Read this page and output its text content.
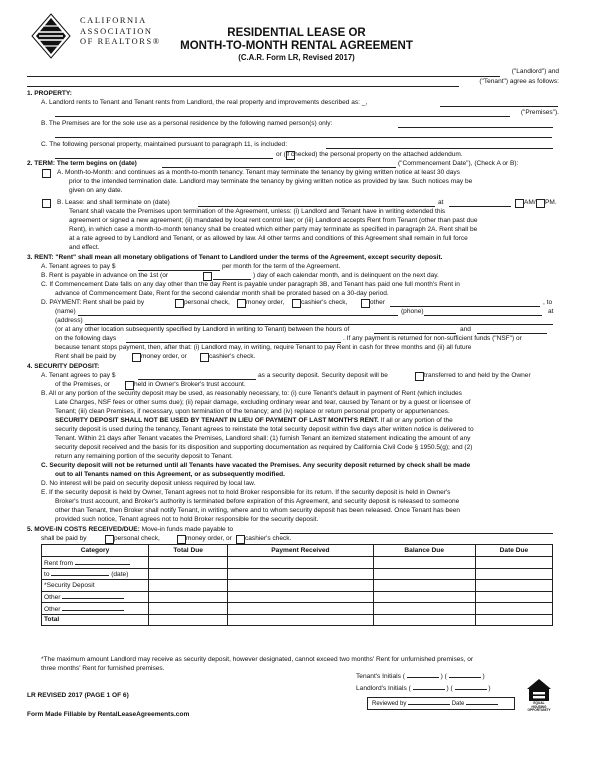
CALIFORNIA
ASSOCIATION
OF REALTORS®
RESIDENTIAL LEASE OR
MONTH-TO-MONTH RENTAL AGREEMENT
(C.A.R. Form LR, Revised 2017)
("Landlord") and
("Tenant") agree as follows:
1. PROPERTY:
A. Landlord rents to Tenant and Tenant rents from Landlord, the real property and improvements described as: _,
("Premises").
B. The Premises are for the sole use as a personal residence by the following named person(s) only:
C. The following personal property, maintained pursuant to paragraph 11, is included:
or (if checked) the personal property on the attached addendum.
2. TERM: The term begins on (date)	("Commencement Date"), (Check A or B):
A. Month-to-Month: and continues as a month-to-month tenancy. Tenant may terminate the tenancy by giving written notice at least 30 days
prior to the intended termination date. Landlord may terminate the tenancy by giving written notice as provided by law. Such notices may be
given on any date.
B. Lease: and shall terminate on (date)	at	AM/ PM.
Tenant shall vacate the Premises upon termination of the Agreement, unless: (i) Landlord and Tenant have in writing extended this
agreement or signed a new agreement; (ii) mandated by local rent control law; or (iii) Landlord accepts Rent from Tenant (other than past due
Rent), in which case a month-to-month tenancy shall be created which either party may terminate as specified in paragraph 2A. Rent shall be
at a rate agreed to by Landlord and Tenant, or as allowed by law. All other terms and conditions of this Agreement shall remain in full force
and effect.
3. RENT: "Rent" shall mean all monetary obligations of Tenant to Landlord under the terms of the Agreement, except security deposit.
A. Tenant agrees to pay $	per month for the term of the Agreement.
B. Rent is payable in advance on the 1st (or	) day of each calendar month, and is delinquent on the next day.
C. If Commencement Date falls on any day other than the day Rent is payable under paragraph 3B, and Tenant has paid one full month's Rent in
advance of Commencement Date, Rent for the second calendar month shall be prorated based on a 30-day period.
D. PAYMENT: Rent shall be paid by	personal check, money order,	cashier's check,	other	, to
(name)	(phone)	at
(address)
(or at any other location subsequently specified by Landlord in writing to Tenant) between the hours of	and
on the following days	. If any payment is returned for non-sufficient funds ("NSF") or
because tenant stops payment, then, after that: (i) Landlord may, in writing, require Tenant to pay Rent in cash for three months and (ii) all future
Rent shall be paid by	money order, or	cashier's check.
4. SECURITY DEPOSIT:
A. Tenant agrees to pay $	as a security deposit. Security deposit will be	transferred to and held by the Owner
of the Premises, or	held in Owner's Broker's trust account.
B. All or any portion of the security deposit may be used, as reasonably necessary, to: (i) cure Tenant's default in payment of Rent (which includes
Late Charges, NSF fees or other sums due); (ii) repair damage, excluding ordinary wear and tear, caused by Tenant or by a guest or licensee of
Tenant; (iii) clean Premises, if necessary, upon termination of the tenancy; and (iv) replace or return personal property or appurtenances.
SECURITY DEPOSIT SHALL NOT BE USED BY TENANT IN LIEU OF PAYMENT OF LAST MONTH'S RENT. If all or any portion of the
security deposit is used during the tenancy, Tenant agrees to reinstate the total security deposit within five days after written notice is delivered to
Tenant. Within 21 days after Tenant vacates the Premises, Landlord shall: (1) furnish Tenant an itemized statement indicating the amount of any
security deposit received and the basis for its disposition and supporting documentation as required by California Civil Code § 1950.5(g); and (2)
return any remaining portion of the security deposit to Tenant.
C. Security deposit will not be returned until all Tenants have vacated the Premises. Any security deposit returned by check shall be made
out to all Tenants named on this Agreement, or as subsequently modified.
D. No interest will be paid on security deposit unless required by local law.
E. If the security deposit is held by Owner, Tenant agrees not to hold Broker responsible for its return. If the security deposit is held in Owner's
Broker's trust account, and Broker's authority is terminated before expiration of this Agreement, and security deposit is released to someone
other than Tenant, then Broker shall notify Tenant, in writing, where and to whom security deposit has been released. Once Tenant has been
provided such notice, Tenant agrees not to hold Broker responsible for the security deposit.
5. MOVE-IN COSTS RECEIVED/DUE: Move-in funds made payable to
shall be paid by	personal check,	money order, or cashier's check.
Category	Total Due	Payment Received	Balance Due	Date Due
Rent from				
to (date)				
*Security Deposit				
Other				
Other				
Total				
*The maximum amount Landlord may receive as security deposit, however designated, cannot exceed two months' Rent for unfurnished premises, or
three months' Rent for furnished premises.
Tenant's Initials (	) (	)
Landlord's Initials (	) (	)
LR REVISED 2017 (PAGE 1 OF 6)
Form Made Fillable by RentalLeaseAgreements.com
Reviewed by	Date	EQUAL HOUSING
OPPORTUNITY
